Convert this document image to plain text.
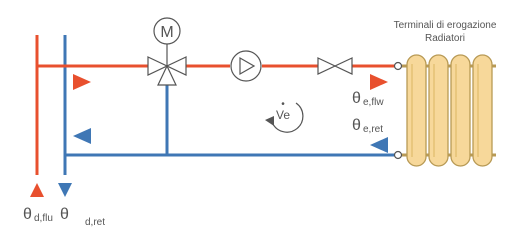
M
•
Ve
Terminali di erogazione
Radiatori
θ e,flw
θ e,ret
θ d,flu θ d,ret
